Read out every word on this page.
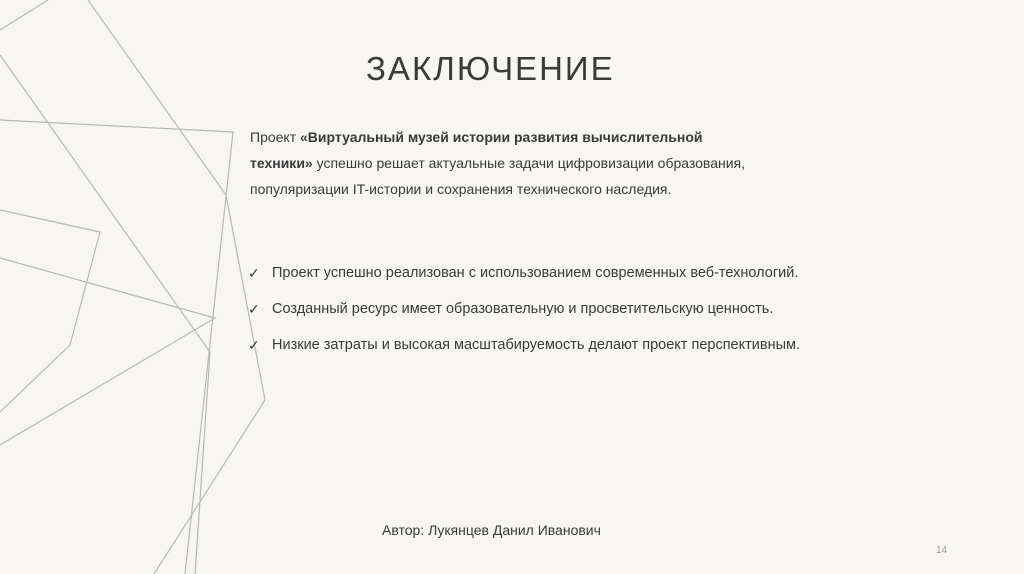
ЗАКЛЮЧЕНИЕ

Проект «Виртуальный музей истории развития вычислительной
техники» успешно решает актуальные задачи цифровизации образования,
популяризации IT-истории и сохранения технического наследия.

✓ Проект успешно реализован с использованием современных веб-технологий.
✓ Созданный ресурс имеет образовательную и просветительскую ценность.
✓ Низкие затраты и высокая масштабируемость делают проект перспективным.
Автор: Лукянцев Данил Иванович
14
